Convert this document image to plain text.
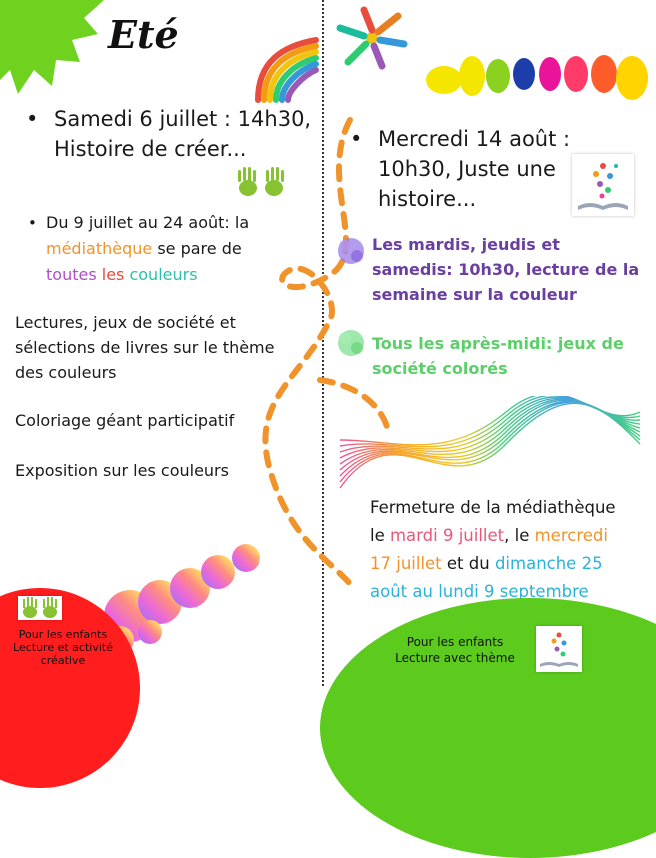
Eté
• Samedi 6 juillet : 14h30,
Histoire de créer...
• Du 9 juillet au 24 août: la
médiathèque se pare de
toutes les couleurs
Lectures, jeux de société et
sélections de livres sur le thème
des couleurs
Coloriage géant participatif
Exposition sur les couleurs
• Mercredi 14 août :
10h30, Juste une
histoire...
Les mardis, jeudis et
samedis: 10h30, lecture de la
semaine sur la couleur
Tous les après-midi: jeux de
société colorés
Fermeture de la médiathèque
le mardi 9 juillet, le mercredi
17 juillet et du dimanche 25
août au lundi 9 septembre
Pour les enfants
Lecture et activité
créative
Pour les enfants
Lecture avec thème
